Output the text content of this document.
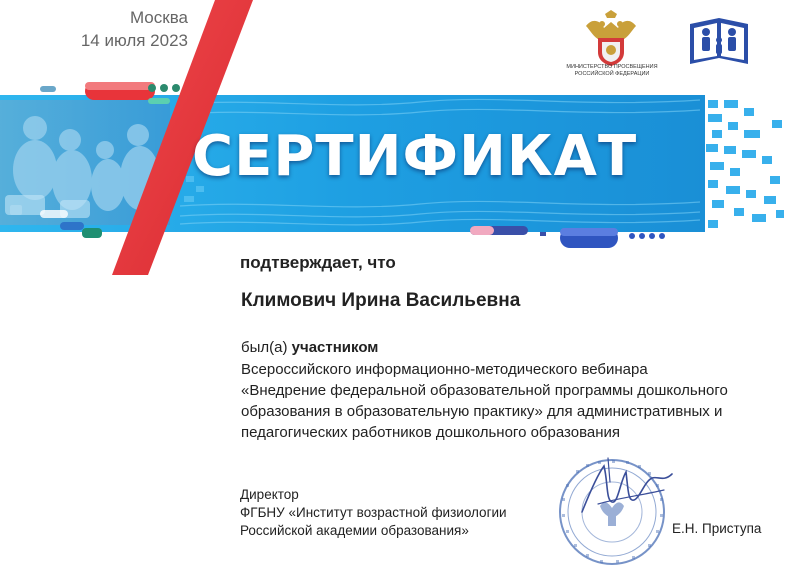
Москва
14 июля 2023
СЕРТИФИКАТ
МИНИСТЕРСТВО ПРОСВЕЩЕНИЯ
РОССИЙСКОЙ ФЕДЕРАЦИИ
подтверждает, что
Климович Ирина Васильевна
был(а) участником
Всероссийского информационно-методического вебинара
«Внедрение федеральной образовательной программы дошкольного
образования в образовательную практику» для административных и
педагогических работников дошкольного образования
Директор
ФГБНУ «Институт возрастной физиологии
Российской академии образования»	Е.Н. Приступа
